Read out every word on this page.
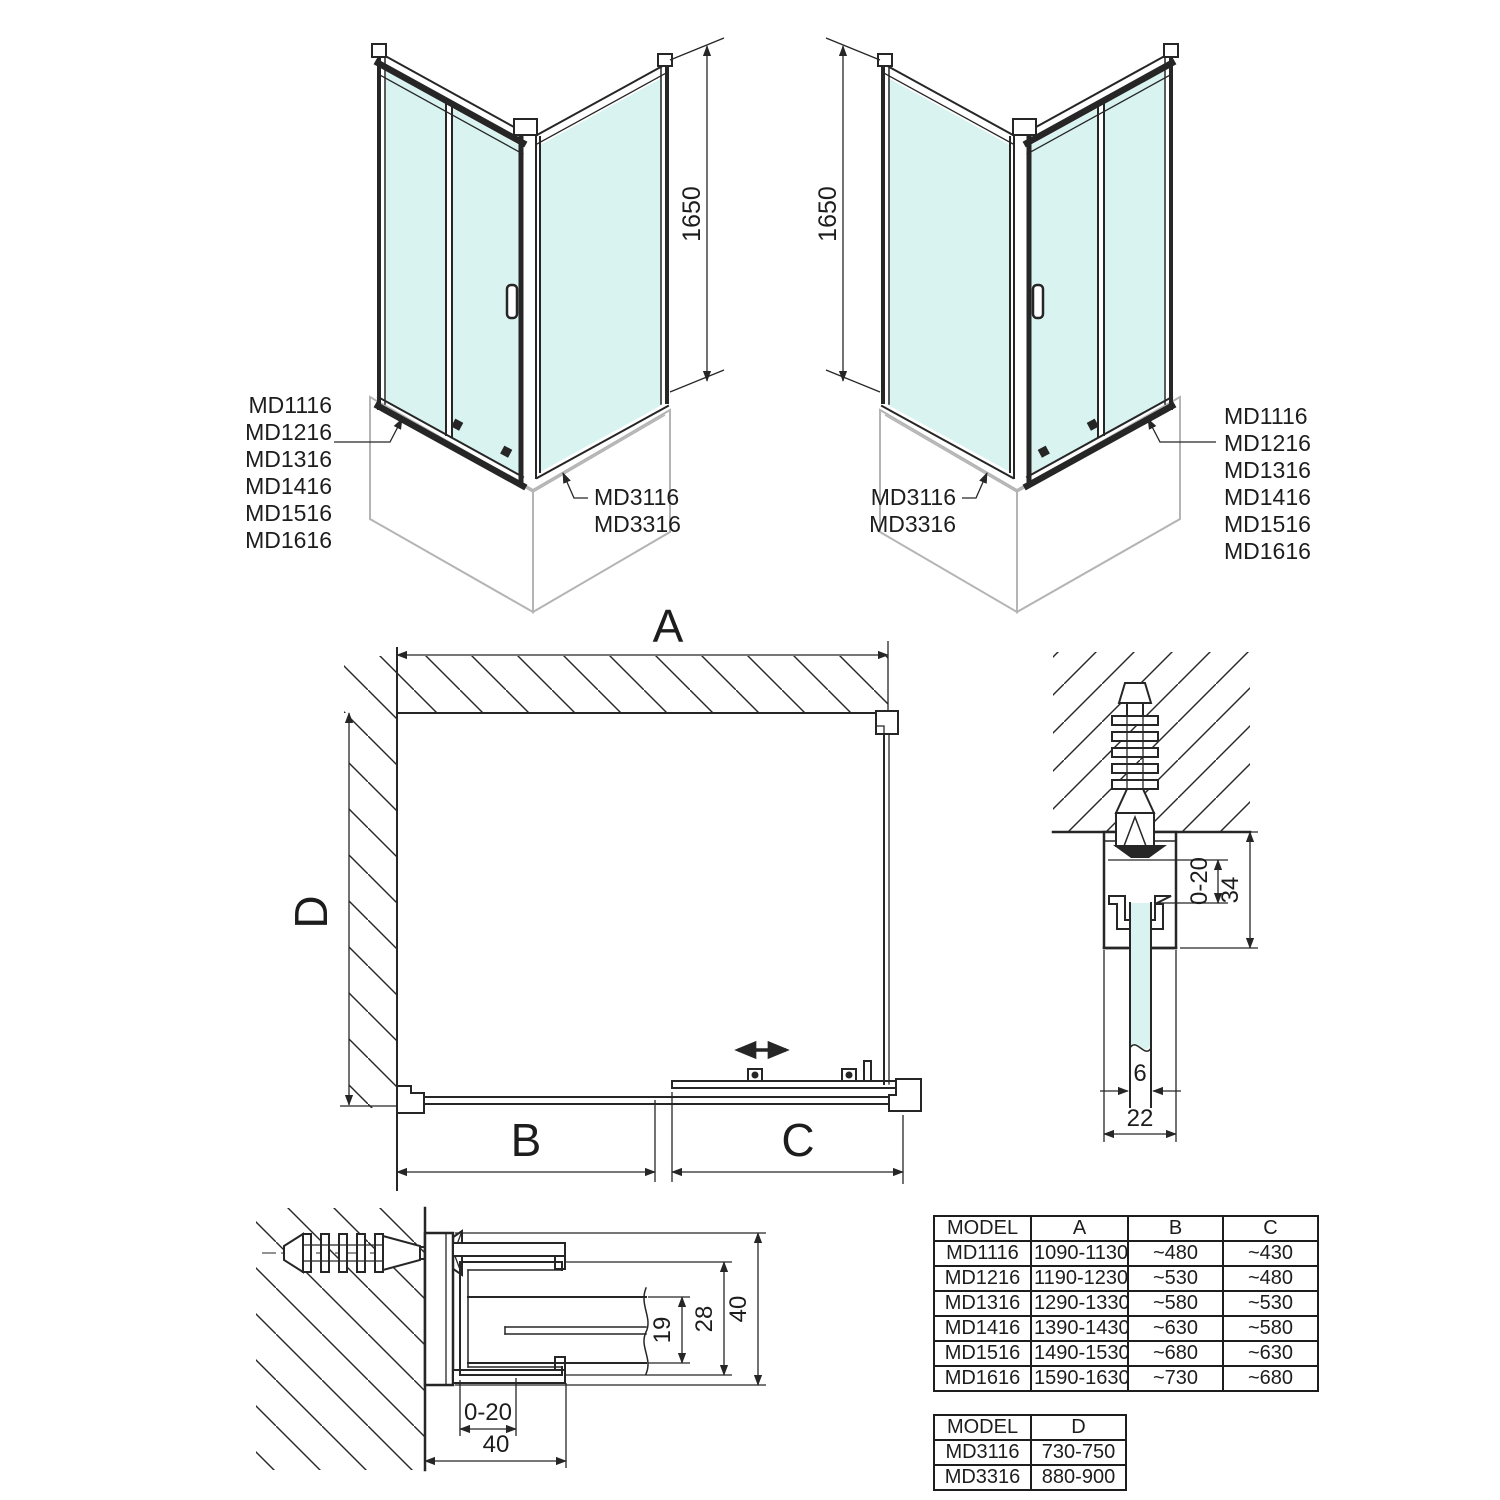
1650
MD1116
MD1216
MD1316
MD1416
MD1516
MD1616
MD3116
MD3316
1650
MD3116
MD3316
MD1116
MD1216
MD1316
MD1416
MD1516
MD1616
A
D
B	C
0-20 34
6
22
40
28
19
0-20
40
MODEL	A	B	C
MD1116	1090-1130	~480	~430
MD1216	1190-1230	~530	~480
MD1316	1290-1330	~580	~530
MD1416	1390-1430	~630	~580
MD1516	1490-1530	~680	~630
MD1616	1590-1630	~730	~680
MODEL	D
MD3116	730-750
MD3316	880-900
